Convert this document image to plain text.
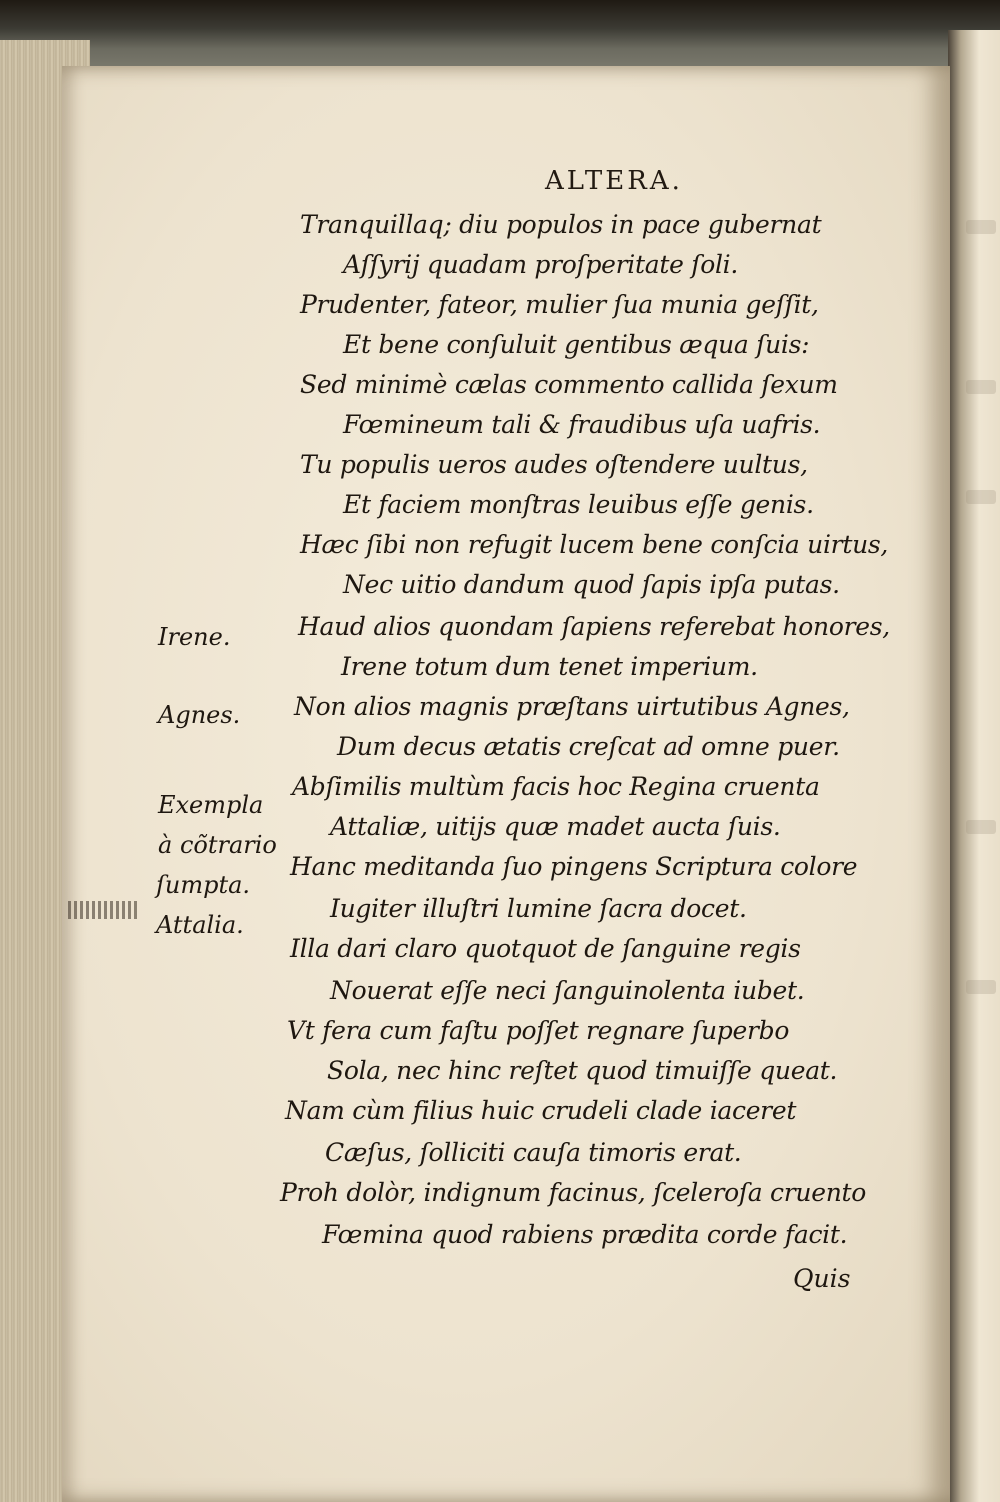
ALTERA.

Tranquillaq; diu populos in pace gubernat

Aſſyrij quadam proſperitate ſoli.

Prudenter, fateor, mulier ſua munia geſſit,

Et bene conſuluit gentibus æqua ſuis:

Sed minimè cælas commento callida ſexum

Fœmineum tali & fraudibus uſa uafris.

Tu populis ueros audes oſtendere uultus,

Et faciem monſtras leuibus eſſe genis.

Hæc ſibi non refugit lucem bene conſcia uirtus,

Nec uitio dandum quod ſapis ipſa putas.

Haud alios quondam ſapiens referebat honores,

Irene totum dum tenet imperium.

Non alios magnis præſtans uirtutibus Agnes,

Dum decus ætatis creſcat ad omne puer.

Abſimilis multùm facis hoc Regina cruenta

Attaliæ, uitijs quæ madet aucta ſuis.

Hanc meditanda ſuo pingens Scriptura colore

Iugiter illuſtri lumine ſacra docet.

Illa dari claro quotquot de ſanguine regis

Nouerat eſſe neci ſanguinolenta iubet.

Vt fera cum faſtu poſſet regnare ſuperbo

Sola, nec hinc reſtet quod timuiſſe queat.

Nam cùm filius huic crudeli clade iaceret

Cæſus, ſolliciti cauſa timoris erat.

Proh dolòr, indignum facinus, ſceleroſa cruento

Fœmina quod rabiens prædita corde facit.

Irene.

Agnes.

Exempla

à cõtrario

ſumpta.

Attalia.

Quis
